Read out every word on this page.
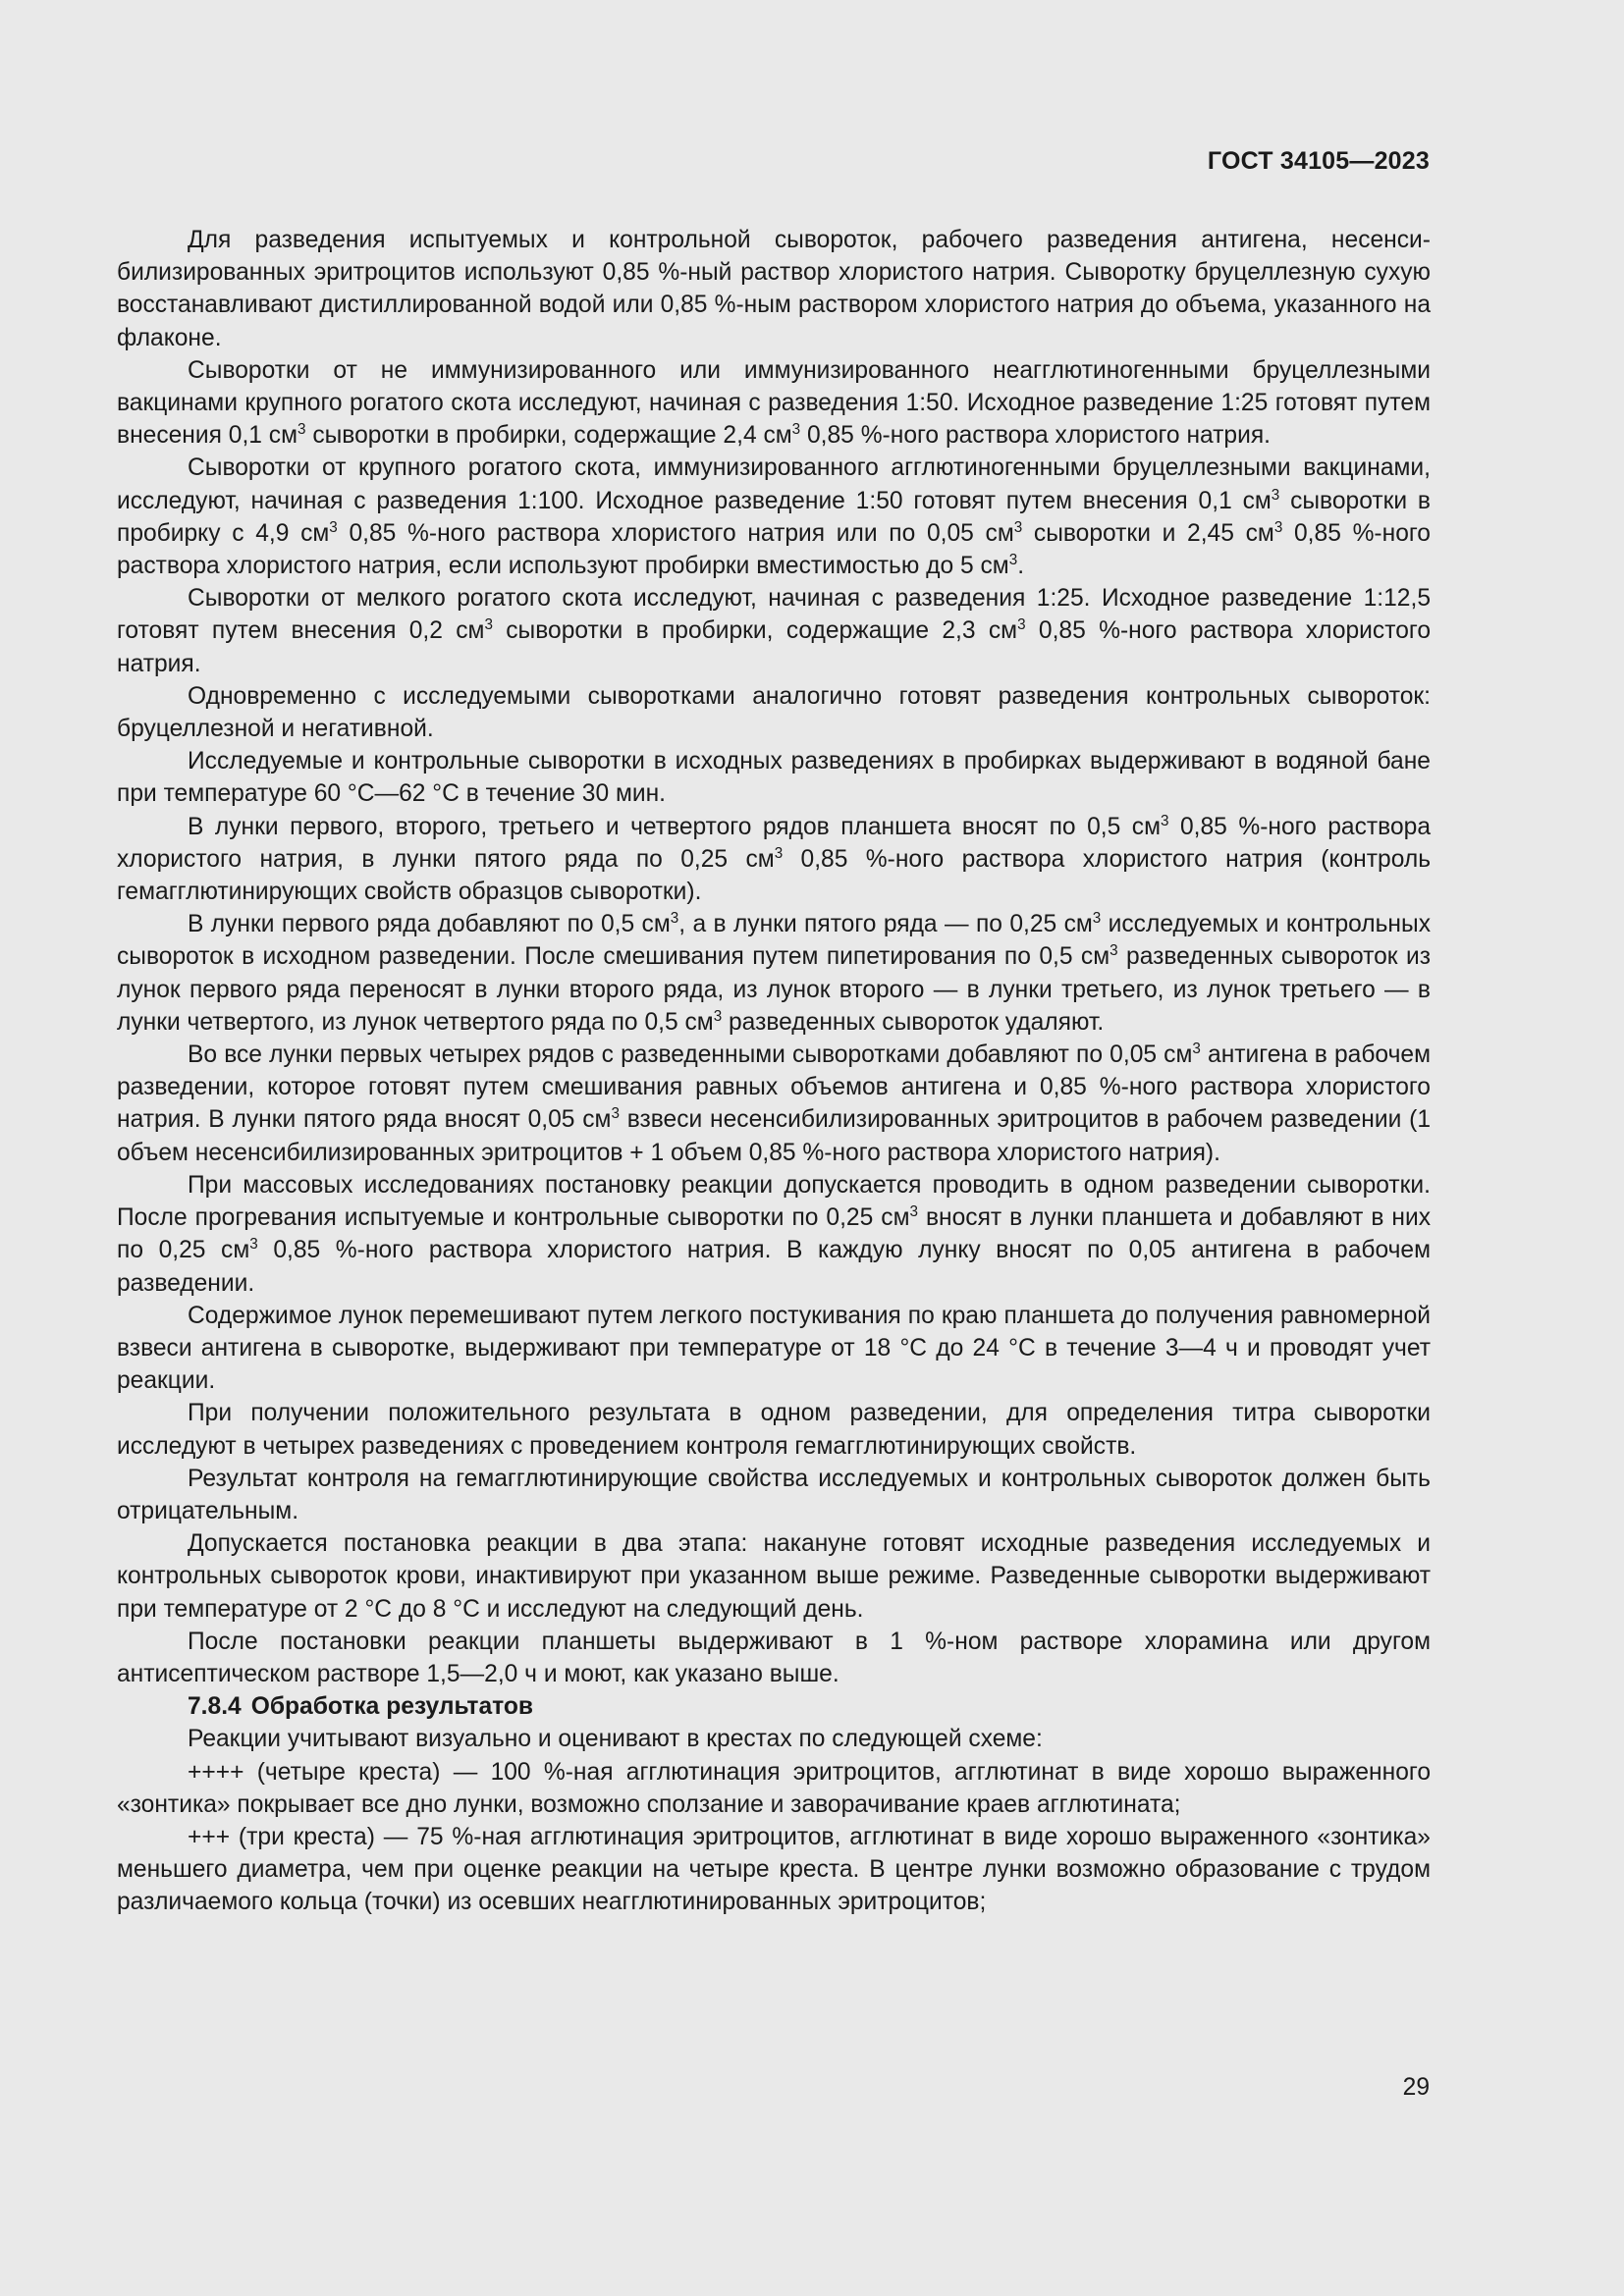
ГОСТ 34105—2023

Для разведения испытуемых и контрольной сывороток, рабочего разведения антигена, несенсибилизированных эритроцитов используют 0,85 %-ный раствор хлористого натрия. Сыворотку бруцеллезную сухую восстанавливают дистиллированной водой или 0,85 %-ным раствором хлористого натрия до объема, указанного на флаконе.

Сыворотки от не иммунизированного или иммунизированного неагглютиногенными бруцеллезными вакцинами крупного рогатого скота исследуют, начиная с разведения 1:50. Исходное разведение 1:25 готовят путем внесения 0,1 $см^3$ сыворотки в пробирки, содержащие 2,4 $см^3$ 0,85 %-ного раствора хлористого натрия.

Сыворотки от крупного рогатого скота, иммунизированного агглютиногенными бруцеллезными вакцинами, исследуют, начиная с разведения 1:100. Исходное разведение 1:50 готовят путем внесения 0,1 $см^3$ сыворотки в пробирку с 4,9 $см^3$ 0,85 %-ного раствора хлористого натрия или по 0,05 $см^3$ сыворотки и 2,45 $см^3$ 0,85 %-ного раствора хлористого натрия, если используют пробирки вместимостью до 5 $см^3$.

Сыворотки от мелкого рогатого скота исследуют, начиная с разведения 1:25. Исходное разведение 1:12,5 готовят путем внесения 0,2 $см^3$ сыворотки в пробирки, содержащие 2,3 $см^3$ 0,85 %-ного раствора хлористого натрия.

Одновременно с исследуемыми сыворотками аналогично готовят разведения контрольных сывороток: бруцеллезной и негативной.

Исследуемые и контрольные сыворотки в исходных разведениях в пробирках выдерживают в водяной бане при температуре 60 °C—62 °C в течение 30 мин.

В лунки первого, второго, третьего и четвертого рядов планшета вносят по 0,5 $см^3$ 0,85 %-ного раствора хлористого натрия, в лунки пятого ряда по 0,25 $см^3$ 0,85 %-ного раствора хлористого натрия (контроль гемагглютинирующих свойств образцов сыворотки).

В лунки первого ряда добавляют по 0,5 $см^3$, а в лунки пятого ряда — по 0,25 $см^3$ исследуемых и контрольных сывороток в исходном разведении. После смешивания путем пипетирования по 0,5 $см^3$ разведенных сывороток из лунок первого ряда переносят в лунки второго ряда, из лунок второго — в лунки третьего, из лунок третьего — в лунки четвертого, из лунок четвертого ряда по 0,5 $см^3$ разведенных сывороток удаляют.

Во все лунки первых четырех рядов с разведенными сыворотками добавляют по 0,05 $см^3$ антигена в рабочем разведении, которое готовят путем смешивания равных объемов антигена и 0,85 %-ного раствора хлористого натрия. В лунки пятого ряда вносят 0,05 $см^3$ взвеси несенсибилизированных эритроцитов в рабочем разведении (1 объем несенсибилизированных эритроцитов + 1 объем 0,85 %-ного раствора хлористого натрия).

При массовых исследованиях постановку реакции допускается проводить в одном разведении сыворотки. После прогревания испытуемые и контрольные сыворотки по 0,25 $см^3$ вносят в лунки планшета и добавляют в них по 0,25 $см^3$ 0,85 %-ного раствора хлористого натрия. В каждую лунку вносят по 0,05 антигена в рабочем разведении.

Содержимое лунок перемешивают путем легкого постукивания по краю планшета до получения равномерной взвеси антигена в сыворотке, выдерживают при температуре от 18 °C до 24 °C в течение 3—4 ч и проводят учет реакции.

При получении положительного результата в одном разведении, для определения титра сыворотки исследуют в четырех разведениях с проведением контроля гемагглютинирующих свойств.

Результат контроля на гемагглютинирующие свойства исследуемых и контрольных сывороток должен быть отрицательным.

Допускается постановка реакции в два этапа: накануне готовят исходные разведения исследуемых и контрольных сывороток крови, инактивируют при указанном выше режиме. Разведенные сыворотки выдерживают при температуре от 2 °C до 8 °C и исследуют на следующий день.

После постановки реакции планшеты выдерживают в 1 %-ном растворе хлорамина или другом антисептическом растворе 1,5—2,0 ч и моют, как указано выше.

7.8.4 Обработка результатов

Реакции учитывают визуально и оценивают в крестах по следующей схеме:

++++ (четыре креста) — 100 %-ная агглютинация эритроцитов, агглютинат в виде хорошо выраженного «зонтика» покрывает все дно лунки, возможно сползание и заворачивание краев агглютината;

+++ (три креста) — 75 %-ная агглютинация эритроцитов, агглютинат в виде хорошо выраженного «зонтика» меньшего диаметра, чем при оценке реакции на четыре креста. В центре лунки возможно образование с трудом различаемого кольца (точки) из осевших неагглютинированных эритроцитов;

29
